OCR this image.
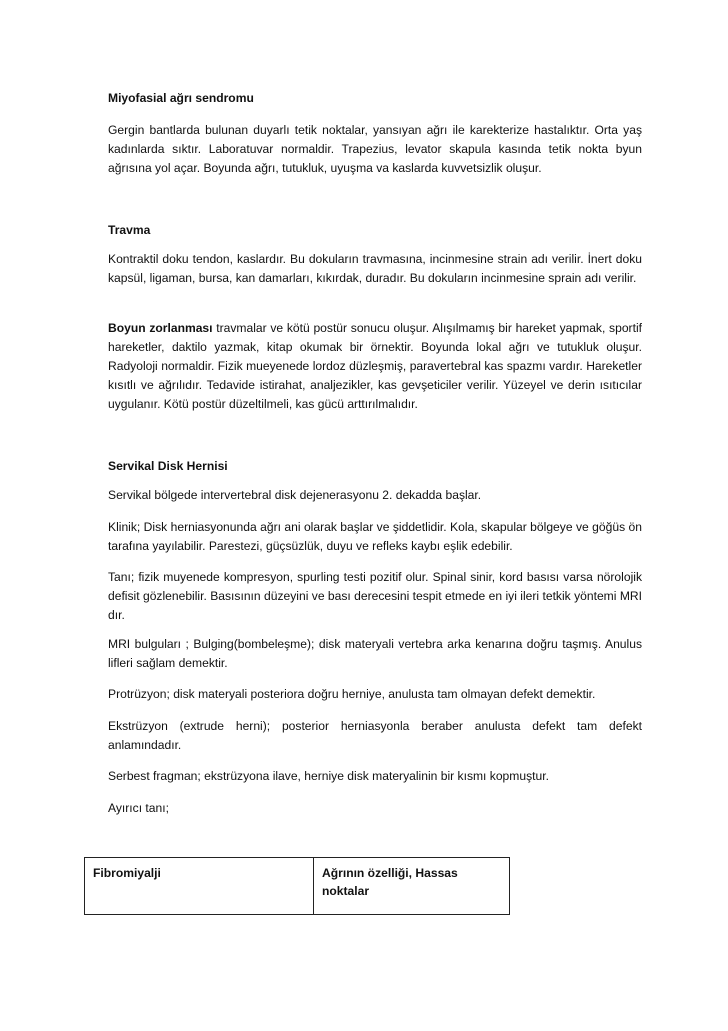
Miyofasial ağrı sendromu

Gergin bantlarda bulunan duyarlı tetik noktalar, yansıyan ağrı ile karekterize hastalıktır. Orta yaş kadınlarda sıktır. Laboratuvar normaldir. Trapezius, levator skapula kasında tetik nokta byun ağrısına yol açar. Boyunda ağrı, tutukluk, uyuşma va kaslarda kuvvetsizlik oluşur.

Travma

Kontraktil doku tendon, kaslardır. Bu dokuların travmasına, incinmesine strain adı verilir. İnert doku kapsül, ligaman, bursa, kan damarları, kıkırdak, duradır. Bu dokuların incinmesine sprain adı verilir.

Boyun zorlanması travmalar ve kötü postür sonucu oluşur. Alışılmamış bir hareket yapmak, sportif hareketler, daktilo yazmak, kitap okumak bir örnektir. Boyunda lokal ağrı ve tutukluk oluşur. Radyoloji normaldir. Fizik mueyenede lordoz düzleşmiş, paravertebral kas spazmı vardır. Hareketler kısıtlı ve ağrılıdır. Tedavide istirahat, analjezikler, kas gevşeticiler verilir. Yüzeyel ve derin ısıtıcılar uygulanır. Kötü postür düzeltilmeli, kas gücü arttırılmalıdır.

Servikal Disk Hernisi

Servikal bölgede intervertebral disk dejenerasyonu 2. dekadda başlar.

Klinik; Disk herniasyonunda ağrı ani olarak başlar ve şiddetlidir. Kola, skapular bölgeye ve göğüs ön tarafına yayılabilir. Parestezi, güçsüzlük, duyu ve refleks kaybı eşlik edebilir.

Tanı; fizik muyenede kompresyon, spurling testi pozitif olur. Spinal sinir, kord basısı varsa nörolojik defisit gözlenebilir. Basısının düzeyini ve bası derecesini tespit etmede en iyi ileri tetkik yöntemi MRI dır.

MRI bulguları ; Bulging(bombeleşme); disk materyali vertebra arka kenarına doğru taşmış. Anulus lifleri sağlam demektir.

Protrüzyon; disk materyali posteriora doğru herniye, anulusta tam olmayan defekt demektir.

Ekstrüzyon (extrude herni); posterior herniasyonla beraber anulusta defekt tam defekt anlamındadır.

Serbest fragman; ekstrüzyona ilave, herniye disk materyalinin bir kısmı kopmuştur.

Ayırıcı tanı;

Fibromiyalji	Ağrının özelliği, Hassas noktalar
